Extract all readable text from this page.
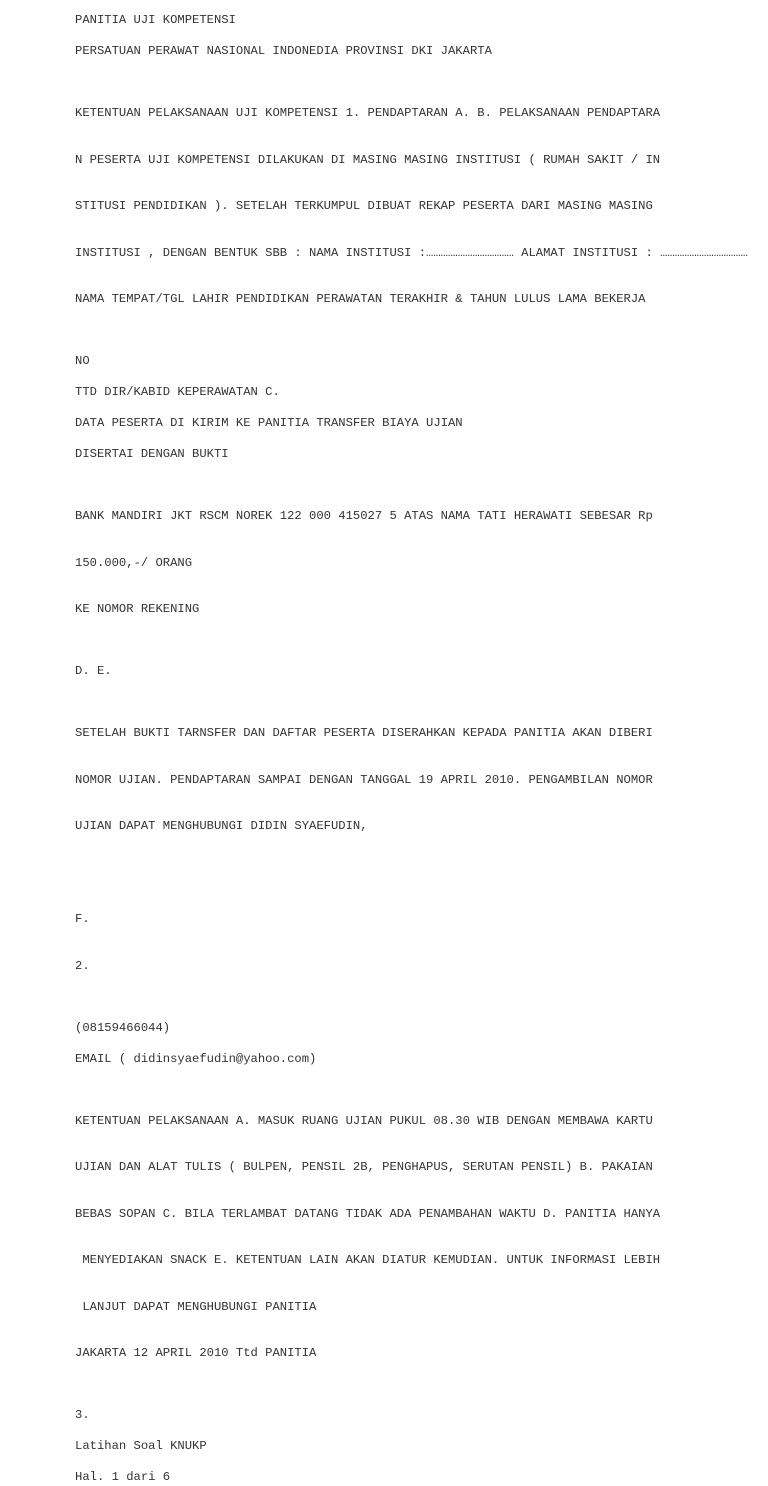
PANITIA UJI KOMPETENSI
PERSATUAN PERAWAT NASIONAL INDONEDIA PROVINSI DKI JAKARTA

KETENTUAN PELAKSANAAN UJI KOMPETENSI 1. PENDAPTARAN A. B. PELAKSANAAN PENDAPTARA

N PESERTA UJI KOMPETENSI DILAKUKAN DI MASING MASING INSTITUSI ( RUMAH SAKIT / IN

STITUSI PENDIDIKAN ). SETELAH TERKUMPUL DIBUAT REKAP PESERTA DARI MASING MASING

INSTITUSI , DENGAN BENTUK SBB : NAMA INSTITUSI :……………………………… ALAMAT INSTITUSI : ………………………………

NAMA TEMPAT/TGL LAHIR PENDIDIKAN PERAWATAN TERAKHIR & TAHUN LULUS LAMA BEKERJA

NO
TTD DIR/KABID KEPERAWATAN C.
DATA PESERTA DI KIRIM KE PANITIA TRANSFER BIAYA UJIAN
DISERTAI DENGAN BUKTI

BANK MANDIRI JKT RSCM NOREK 122 000 415027 5 ATAS NAMA TATI HERAWATI SEBESAR Rp

150.000,-/ ORANG

KE NOMOR REKENING

D. E.

SETELAH BUKTI TARNSFER DAN DAFTAR PESERTA DISERAHKAN KEPADA PANITIA AKAN DIBERI

NOMOR UJIAN. PENDAPTARAN SAMPAI DENGAN TANGGAL 19 APRIL 2010. PENGAMBILAN NOMOR

UJIAN DAPAT MENGHUBUNGI DIDIN SYAEFUDIN,

F.

2.

(08159466044)
EMAIL ( didinsyaefudin@yahoo.com)

KETENTUAN PELAKSANAAN A. MASUK RUANG UJIAN PUKUL 08.30 WIB DENGAN MEMBAWA KARTU

UJIAN DAN ALAT TULIS ( BULPEN, PENSIL 2B, PENGHAPUS, SERUTAN PENSIL) B. PAKAIAN

BEBAS SOPAN C. BILA TERLAMBAT DATANG TIDAK ADA PENAMBAHAN WAKTU D. PANITIA HANYA

MENYEDIAKAN SNACK E. KETENTUAN LAIN AKAN DIATUR KEMUDIAN. UNTUK INFORMASI LEBIH

LANJUT DAPAT MENGHUBUNGI PANITIA

JAKARTA 12 APRIL 2010 Ttd PANITIA

3.
Latihan Soal KNUKP
Hal. 1 dari 6
